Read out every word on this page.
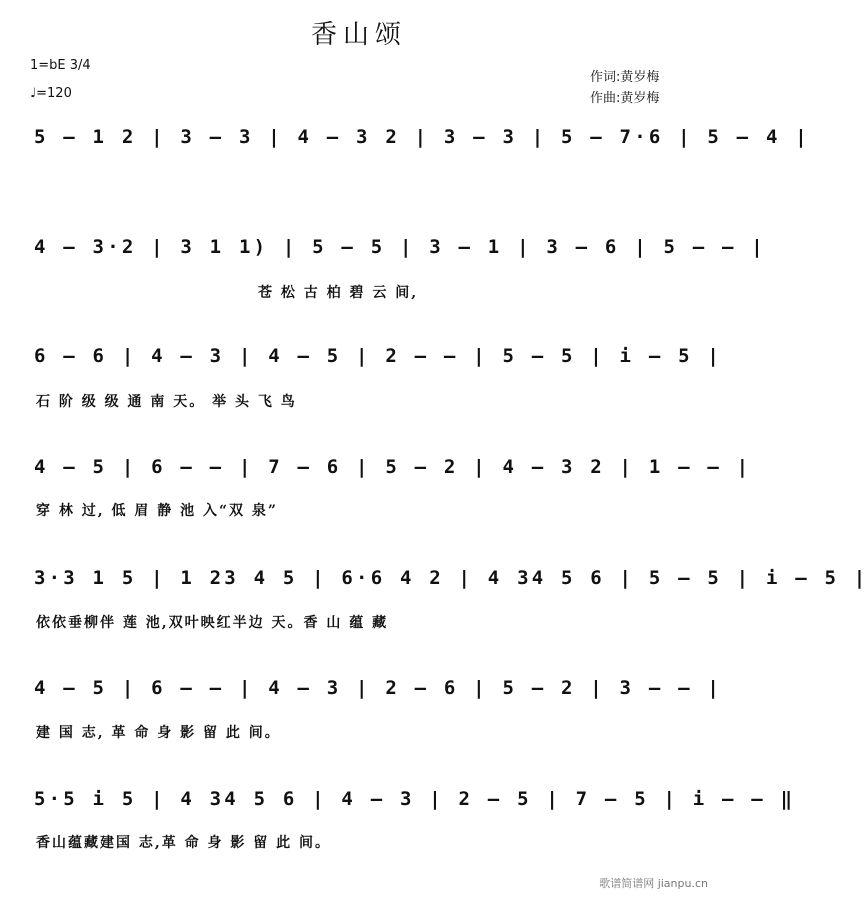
香山颂
1=bE 3/4
♩=120
作词:黄岁梅
作曲:黄岁梅
5 – 1 2 | 3 – 3 | 4 – 3 2 | 3 – 3 | 5 – 7·6 | 5 – 4 |
4 – 3·2 | 3 1 1) | 5 – 5 | 3 – 1 | 3 – 6 | 5 – – |
苍 松 古 柏 碧 云 间,
6 – 6 | 4 – 3 | 4 – 5 | 2 – – | 5 – 5 | i – 5 |
石 阶 级 级 通 南 天。 举 头 飞 鸟
4 – 5 | 6 – – | 7 – 6 | 5 – 2 | 4 – 3 2 | 1 – – |
穿 林 过, 低 眉 静 池 入“双 泉”
3·3 1 5 | 1 23 4 5 | 6·6 4 2 | 4 34 5 6 | 5 – 5 | i – 5 |
依依垂柳伴 莲 池,双叶映红半边 天。香 山 蕴 藏
4 – 5 | 6 – – | 4 – 3 | 2 – 6 | 5 – 2 | 3 – – |
建 国 志, 革 命 身 影 留 此 间。
5·5 i 5 | 4 34 5 6 | 4 – 3 | 2 – 5 | 7 – 5 | i – – ‖
香山蕴藏建国 志,革 命 身 影 留 此 间。
歌谱简谱网 jianpu.cn
